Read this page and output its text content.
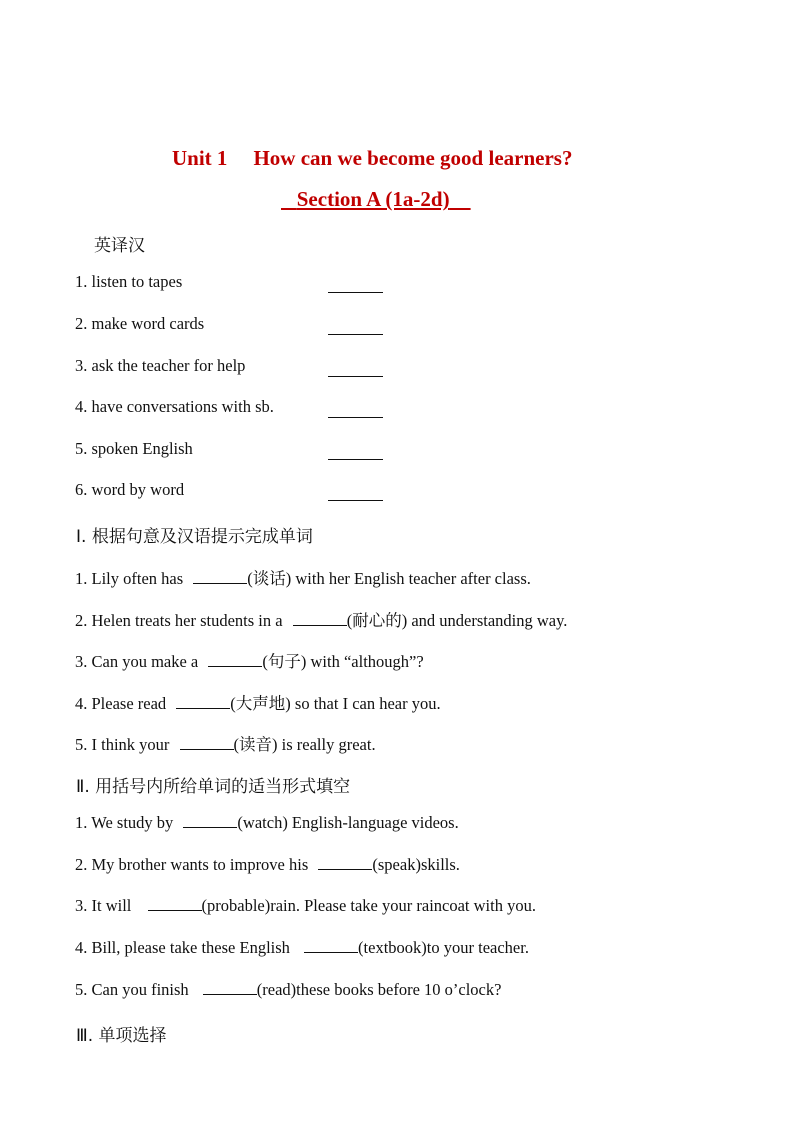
Unit 1 How can we become good learners?
Section A (1a-2d)
英译汉
1. listen to tapes
2. make word cards
3. ask the teacher for help
4. have conversations with sb.
5. spoken English
6. word by word
Ⅰ. 根据句意及汉语提示完成单词
1. Lily often has	(谈话) with her English teacher after class.
2. Helen treats her students in a	(耐心的) and understanding way.
3. Can you make a	(句子) with “although”?
4. Please read	(大声地) so that I can hear you.
5. I think your	(读音) is really great.
Ⅱ. 用括号内所给单词的适当形式填空
1. We study by	(watch) English-language videos.
2. My brother wants to improve his	(speak)skills.
3. It will	(probable)rain. Please take your raincoat with you.
4. Bill, please take these English	(textbook)to your teacher.
5. Can you finish	(read)these books before 10 o’clock?
Ⅲ. 单项选择
